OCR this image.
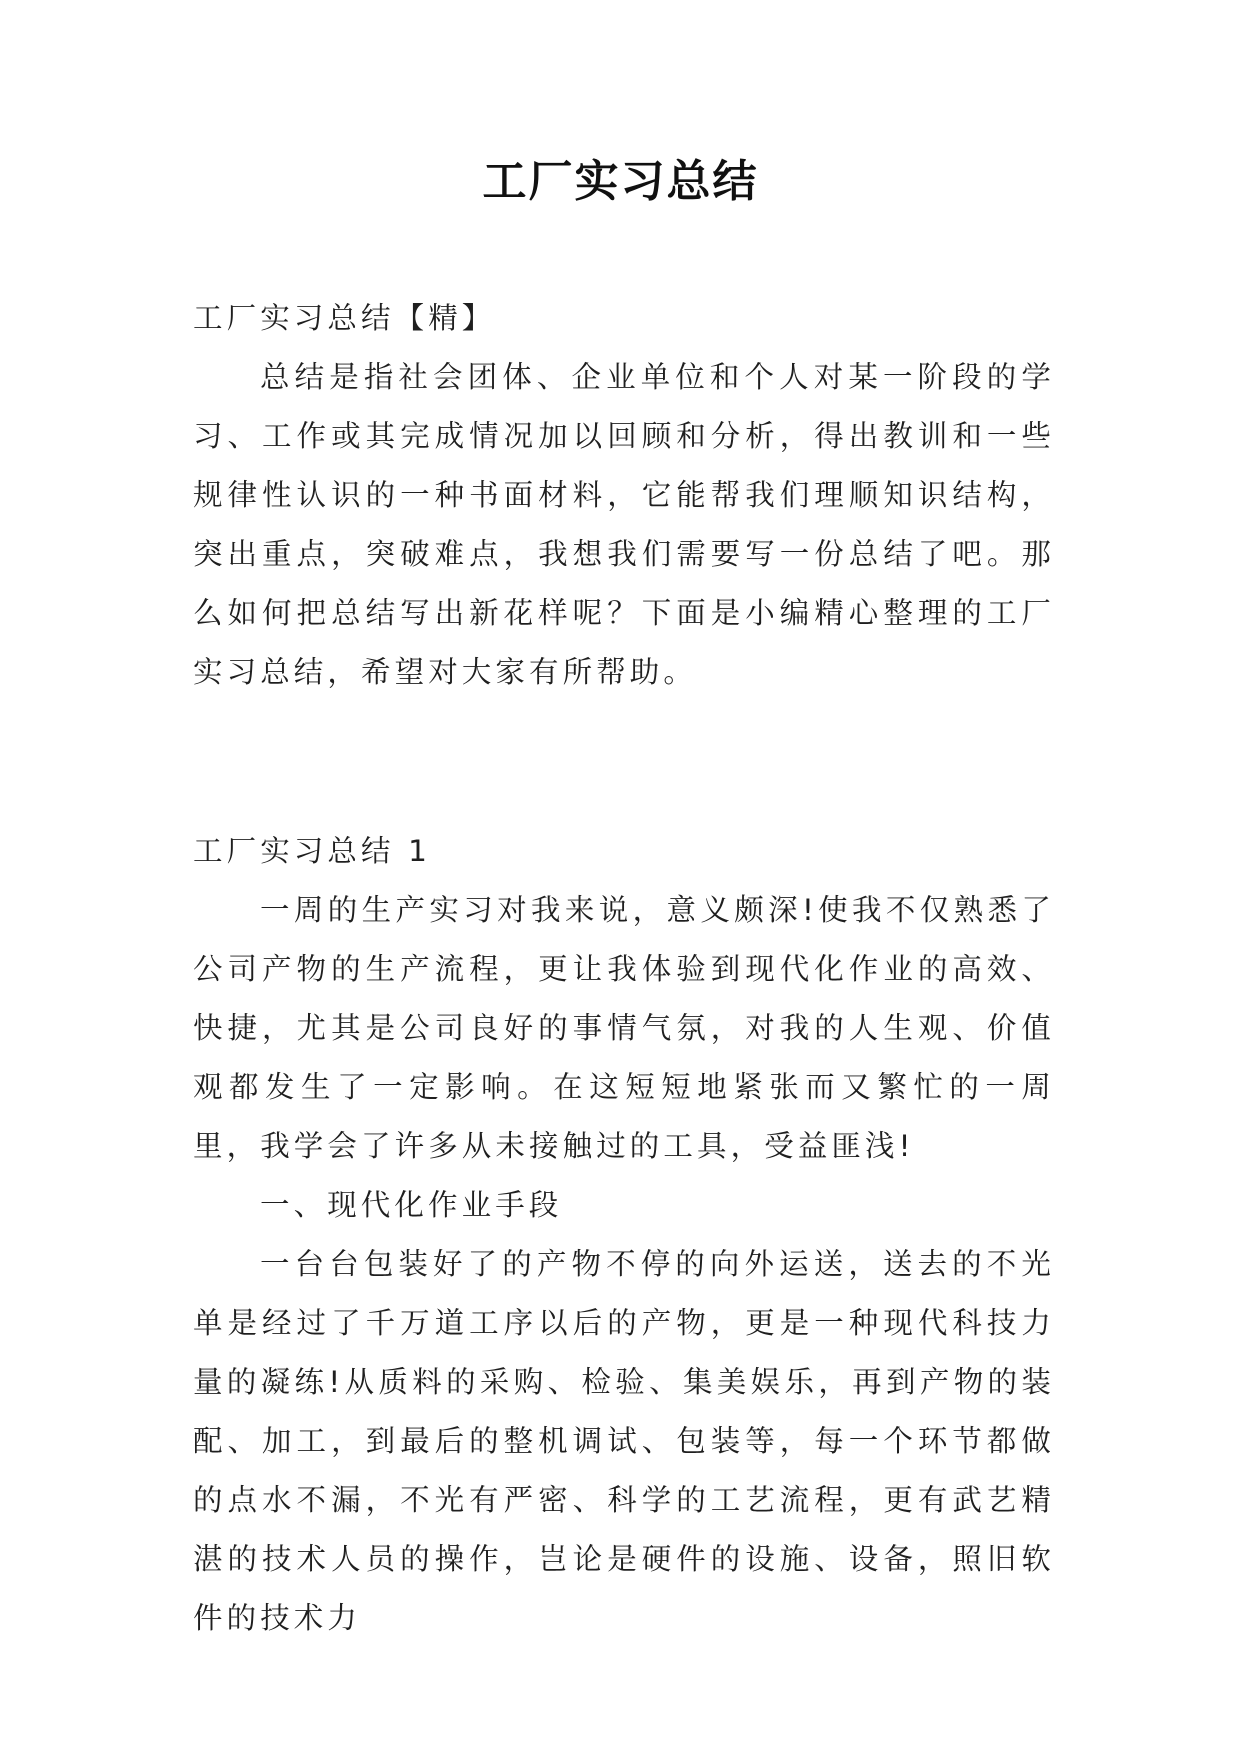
工厂实习总结

工厂实习总结【精】

总结是指社会团体、企业单位和个人对某一阶段的学习、工作或其完成情况加以回顾和分析，得出教训和一些规律性认识的一种书面材料，它能帮我们理顺知识结构，突出重点，突破难点，我想我们需要写一份总结了吧。那么如何把总结写出新花样呢？下面是小编精心整理的工厂实习总结，希望对大家有所帮助。

工厂实习总结 1

一周的生产实习对我来说，意义颇深!使我不仅熟悉了公司产物的生产流程，更让我体验到现代化作业的高效、快捷，尤其是公司良好的事情气氛，对我的人生观、价值观都发生了一定影响。在这短短地紧张而又繁忙的一周里，我学会了许多从未接触过的工具，受益匪浅!

一、现代化作业手段

一台台包装好了的产物不停的向外运送，送去的不光单是经过了千万道工序以后的产物，更是一种现代科技力量的凝练!从质料的采购、检验、集美娱乐，再到产物的装配、加工，到最后的整机调试、包装等，每一个环节都做的点水不漏，不光有严密、科学的工艺流程，更有武艺精湛的技术人员的操作，岂论是硬件的设施、设备，照旧软件的技术力
